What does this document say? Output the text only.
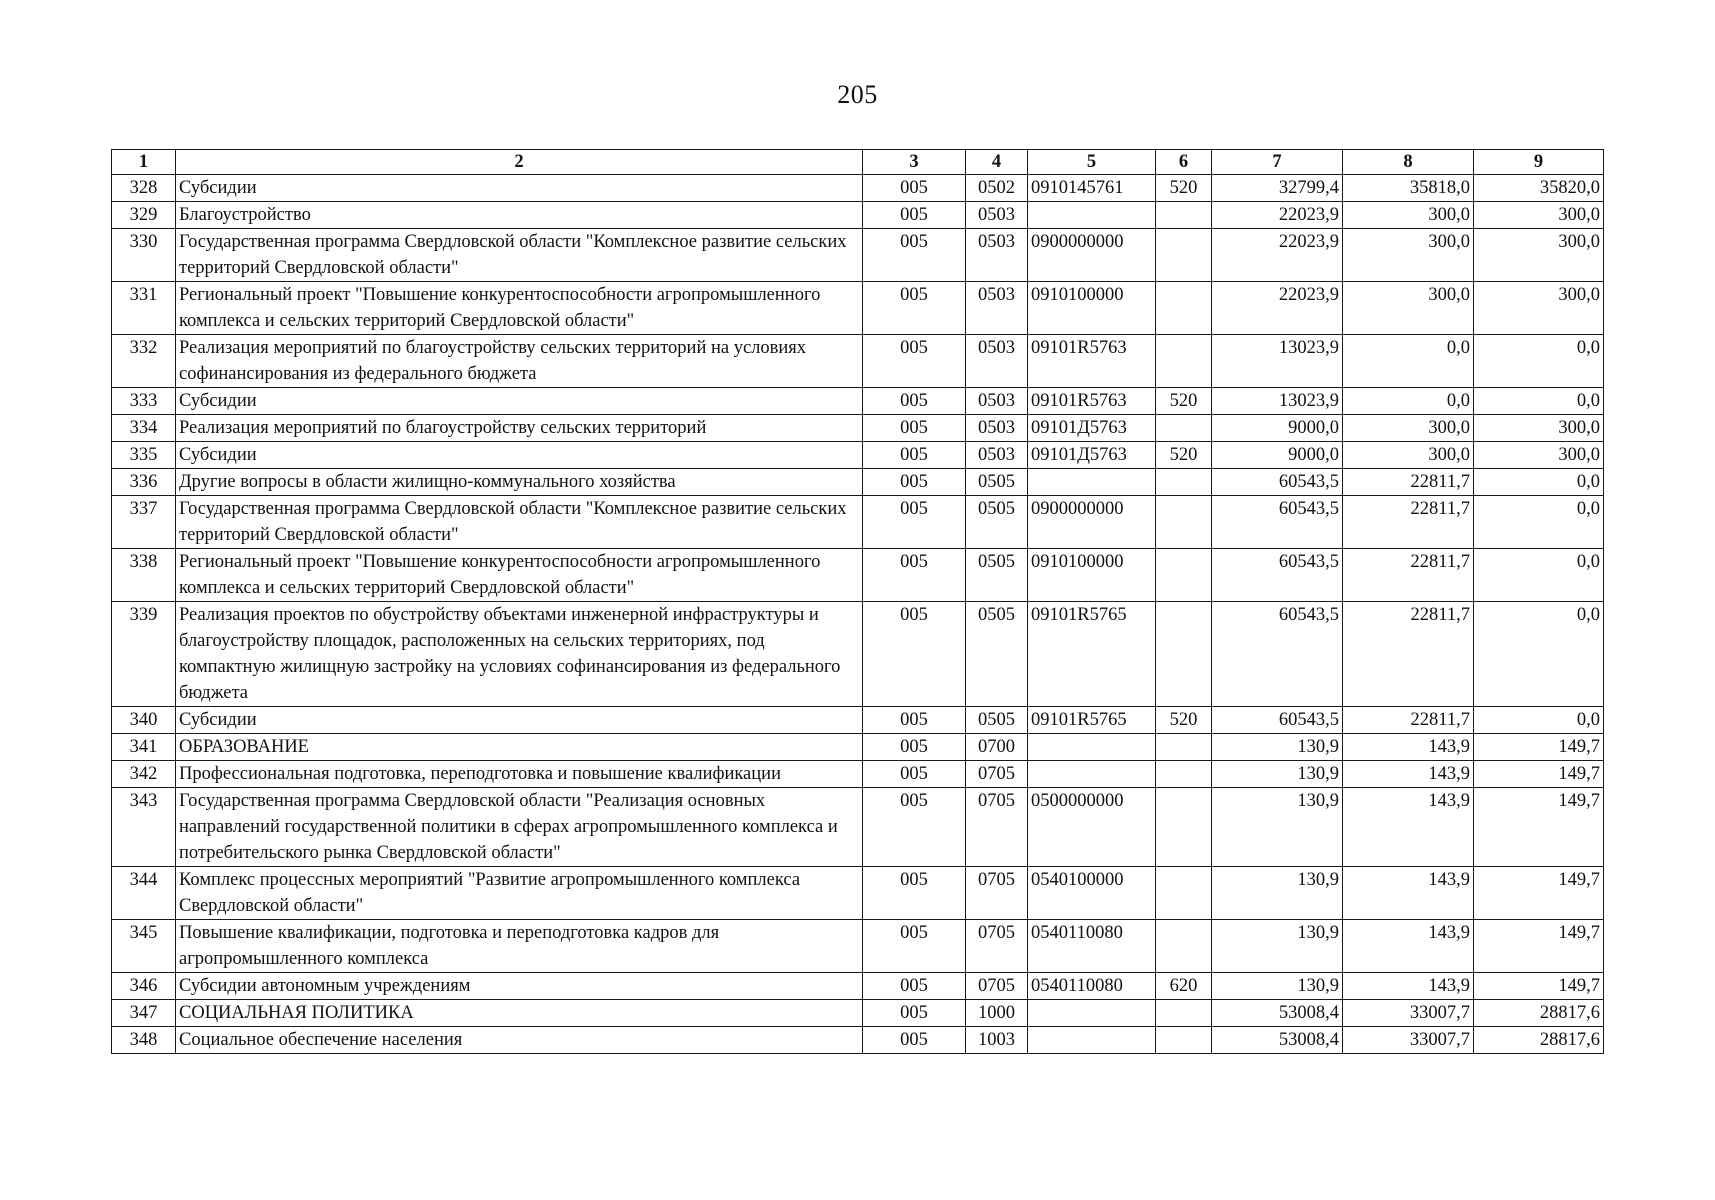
205
1	2	3	4	5	6	7	8	9
328	Субсидии	005	0502	0910145761	520	32799,4	35818,0	35820,0
329	Благоустройство	005	0503			22023,9	300,0	300,0
330	Государственная программа Свердловской области "Комплексное развитие сельских территорий Свердловской области"	005	0503	0900000000		22023,9	300,0	300,0
331	Региональный проект "Повышение конкурентоспособности агропромышленного комплекса и сельских территорий Свердловской области"	005	0503	0910100000		22023,9	300,0	300,0
332	Реализация мероприятий по благоустройству сельских территорий на условиях софинансирования из федерального бюджета	005	0503	09101R5763		13023,9	0,0	0,0
333	Субсидии	005	0503	09101R5763	520	13023,9	0,0	0,0
334	Реализация мероприятий по благоустройству сельских территорий	005	0503	09101Д5763		9000,0	300,0	300,0
335	Субсидии	005	0503	09101Д5763	520	9000,0	300,0	300,0
336	Другие вопросы в области жилищно-коммунального хозяйства	005	0505			60543,5	22811,7	0,0
337	Государственная программа Свердловской области "Комплексное развитие сельских территорий Свердловской области"	005	0505	0900000000		60543,5	22811,7	0,0
338	Региональный проект "Повышение конкурентоспособности агропромышленного комплекса и сельских территорий Свердловской области"	005	0505	0910100000		60543,5	22811,7	0,0
339	Реализация проектов по обустройству объектами инженерной инфраструктуры и благоустройству площадок, расположенных на сельских территориях, под компактную жилищную застройку на условиях софинансирования из федерального бюджета	005	0505	09101R5765		60543,5	22811,7	0,0
340	Субсидии	005	0505	09101R5765	520	60543,5	22811,7	0,0
341	ОБРАЗОВАНИЕ	005	0700			130,9	143,9	149,7
342	Профессиональная подготовка, переподготовка и повышение квалификации	005	0705			130,9	143,9	149,7
343	Государственная программа Свердловской области "Реализация основных направлений государственной политики в сферах агропромышленного комплекса и потребительского рынка Свердловской области"	005	0705	0500000000		130,9	143,9	149,7
344	Комплекс процессных мероприятий "Развитие агропромышленного комплекса Свердловской области"	005	0705	0540100000		130,9	143,9	149,7
345	Повышение квалификации, подготовка и переподготовка кадров для агропромышленного комплекса	005	0705	0540110080		130,9	143,9	149,7
346	Субсидии автономным учреждениям	005	0705	0540110080	620	130,9	143,9	149,7
347	СОЦИАЛЬНАЯ ПОЛИТИКА	005	1000			53008,4	33007,7	28817,6
348	Социальное обеспечение населения	005	1003			53008,4	33007,7	28817,6
